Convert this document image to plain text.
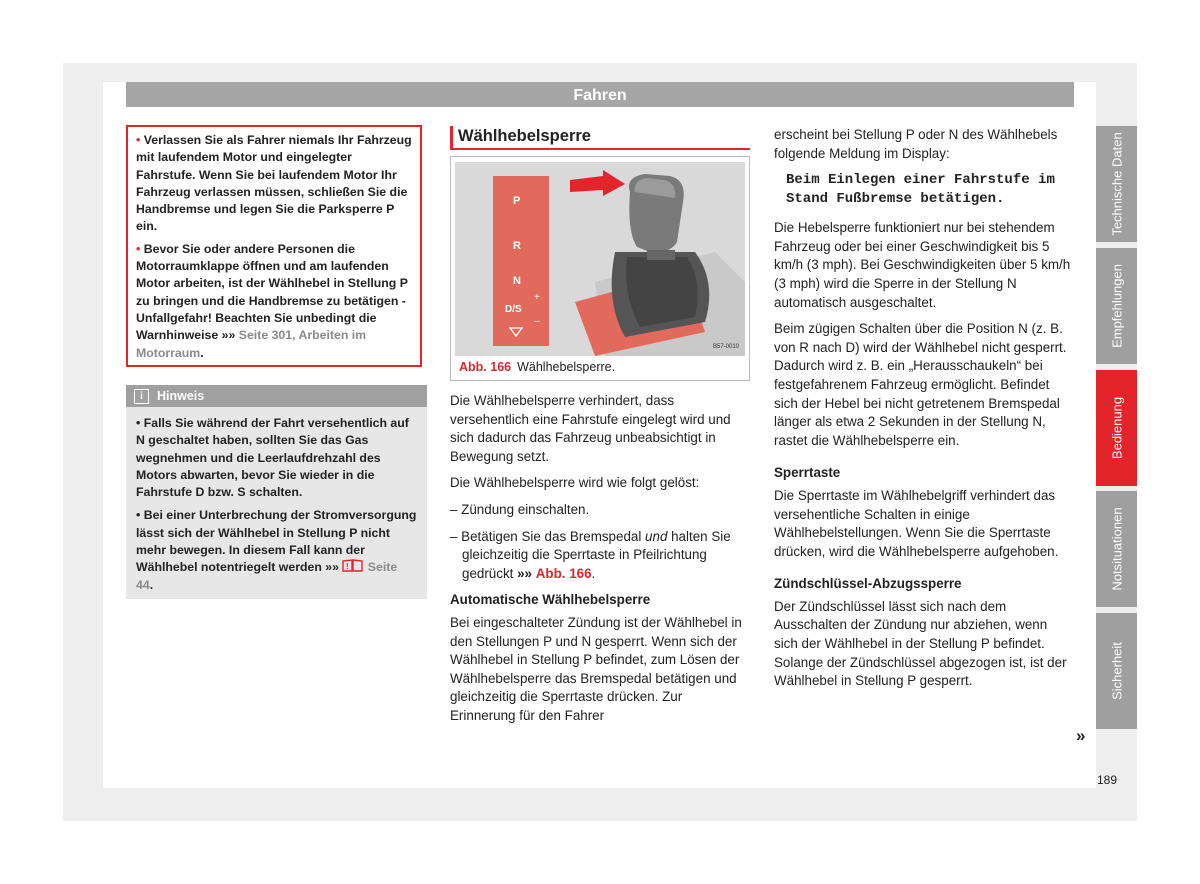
Fahren
Technische Daten
Empfehlungen
Bedienung
Notsituationen
Sicherheit

• Verlassen Sie als Fahrer niemals Ihr Fahrzeug mit laufendem Motor und eingelegter Fahrstufe. Wenn Sie bei laufendem Motor Ihr Fahrzeug verlassen müssen, schließen Sie die Handbremse und legen Sie die Parksperre P ein.

• Bevor Sie oder andere Personen die Motorraumklappe öffnen und am laufenden Motor arbeiten, ist der Wählhebel in Stellung P zu bringen und die Handbremse zu betätigen - Unfallgefahr! Beachten Sie unbedingt die Warnhinweise »» Seite 301, Arbeiten im Motorraum.

i Hinweis

• Falls Sie während der Fahrt versehentlich auf N geschaltet haben, sollten Sie das Gas wegnehmen und die Leerlaufdrehzahl des Motors abwarten, bevor Sie wieder in die Fahrstufe D bzw. S schalten.

• Bei einer Unterbrechung der Stromversorgung lässt sich der Wählhebel in Stellung P nicht mehr bewegen. In diesem Fall kann der Wählhebel notentriegelt werden »» ! Seite 44.

Wählhebelsperre
P
R
N
D/S
+
–
B57-0010
Abb. 166 Wählhebelsperre.

Die Wählhebelsperre verhindert, dass versehentlich eine Fahrstufe eingelegt wird und sich dadurch das Fahrzeug unbeabsichtigt in Bewegung setzt.

Die Wählhebelsperre wird wie folgt gelöst:

– Zündung einschalten.

– Betätigen Sie das Bremspedal und halten Sie gleichzeitig die Sperrtaste in Pfeilrichtung gedrückt »» Abb. 166.

Automatische Wählhebelsperre

Bei eingeschalteter Zündung ist der Wählhebel in den Stellungen P und N gesperrt. Wenn sich der Wählhebel in Stellung P befindet, zum Lösen der Wählhebelsperre das Bremspedal betätigen und gleichzeitig die Sperrtaste drücken. Zur Erinnerung für den Fahrer

erscheint bei Stellung P oder N des Wählhebels folgende Meldung im Display:

Beim Einlegen einer Fahrstufe im Stand Fußbremse betätigen.

Die Hebelsperre funktioniert nur bei stehendem Fahrzeug oder bei einer Geschwindigkeit bis 5 km/h (3 mph). Bei Geschwindigkeiten über 5 km/h (3 mph) wird die Sperre in der Stellung N automatisch ausgeschaltet.

Beim zügigen Schalten über die Position N (z. B. von R nach D) wird der Wählhebel nicht gesperrt. Dadurch wird z. B. ein „Herausschaukeln“ bei festgefahrenem Fahrzeug ermöglicht. Befindet sich der Hebel bei nicht getretenem Bremspedal länger als etwa 2 Sekunden in der Stellung N, rastet die Wählhebelsperre ein.

Sperrtaste

Die Sperrtaste im Wählhebelgriff verhindert das versehentliche Schalten in einige Wählhebelstellungen. Wenn Sie die Sperrtaste drücken, wird die Wählhebelsperre aufgehoben.

Zündschlüssel-Abzugssperre

Der Zündschlüssel lässt sich nach dem Ausschalten der Zündung nur abziehen, wenn sich der Wählhebel in der Stellung P befindet. Solange der Zündschlüssel abgezogen ist, ist der Wählhebel in Stellung P gesperrt.

»
189
